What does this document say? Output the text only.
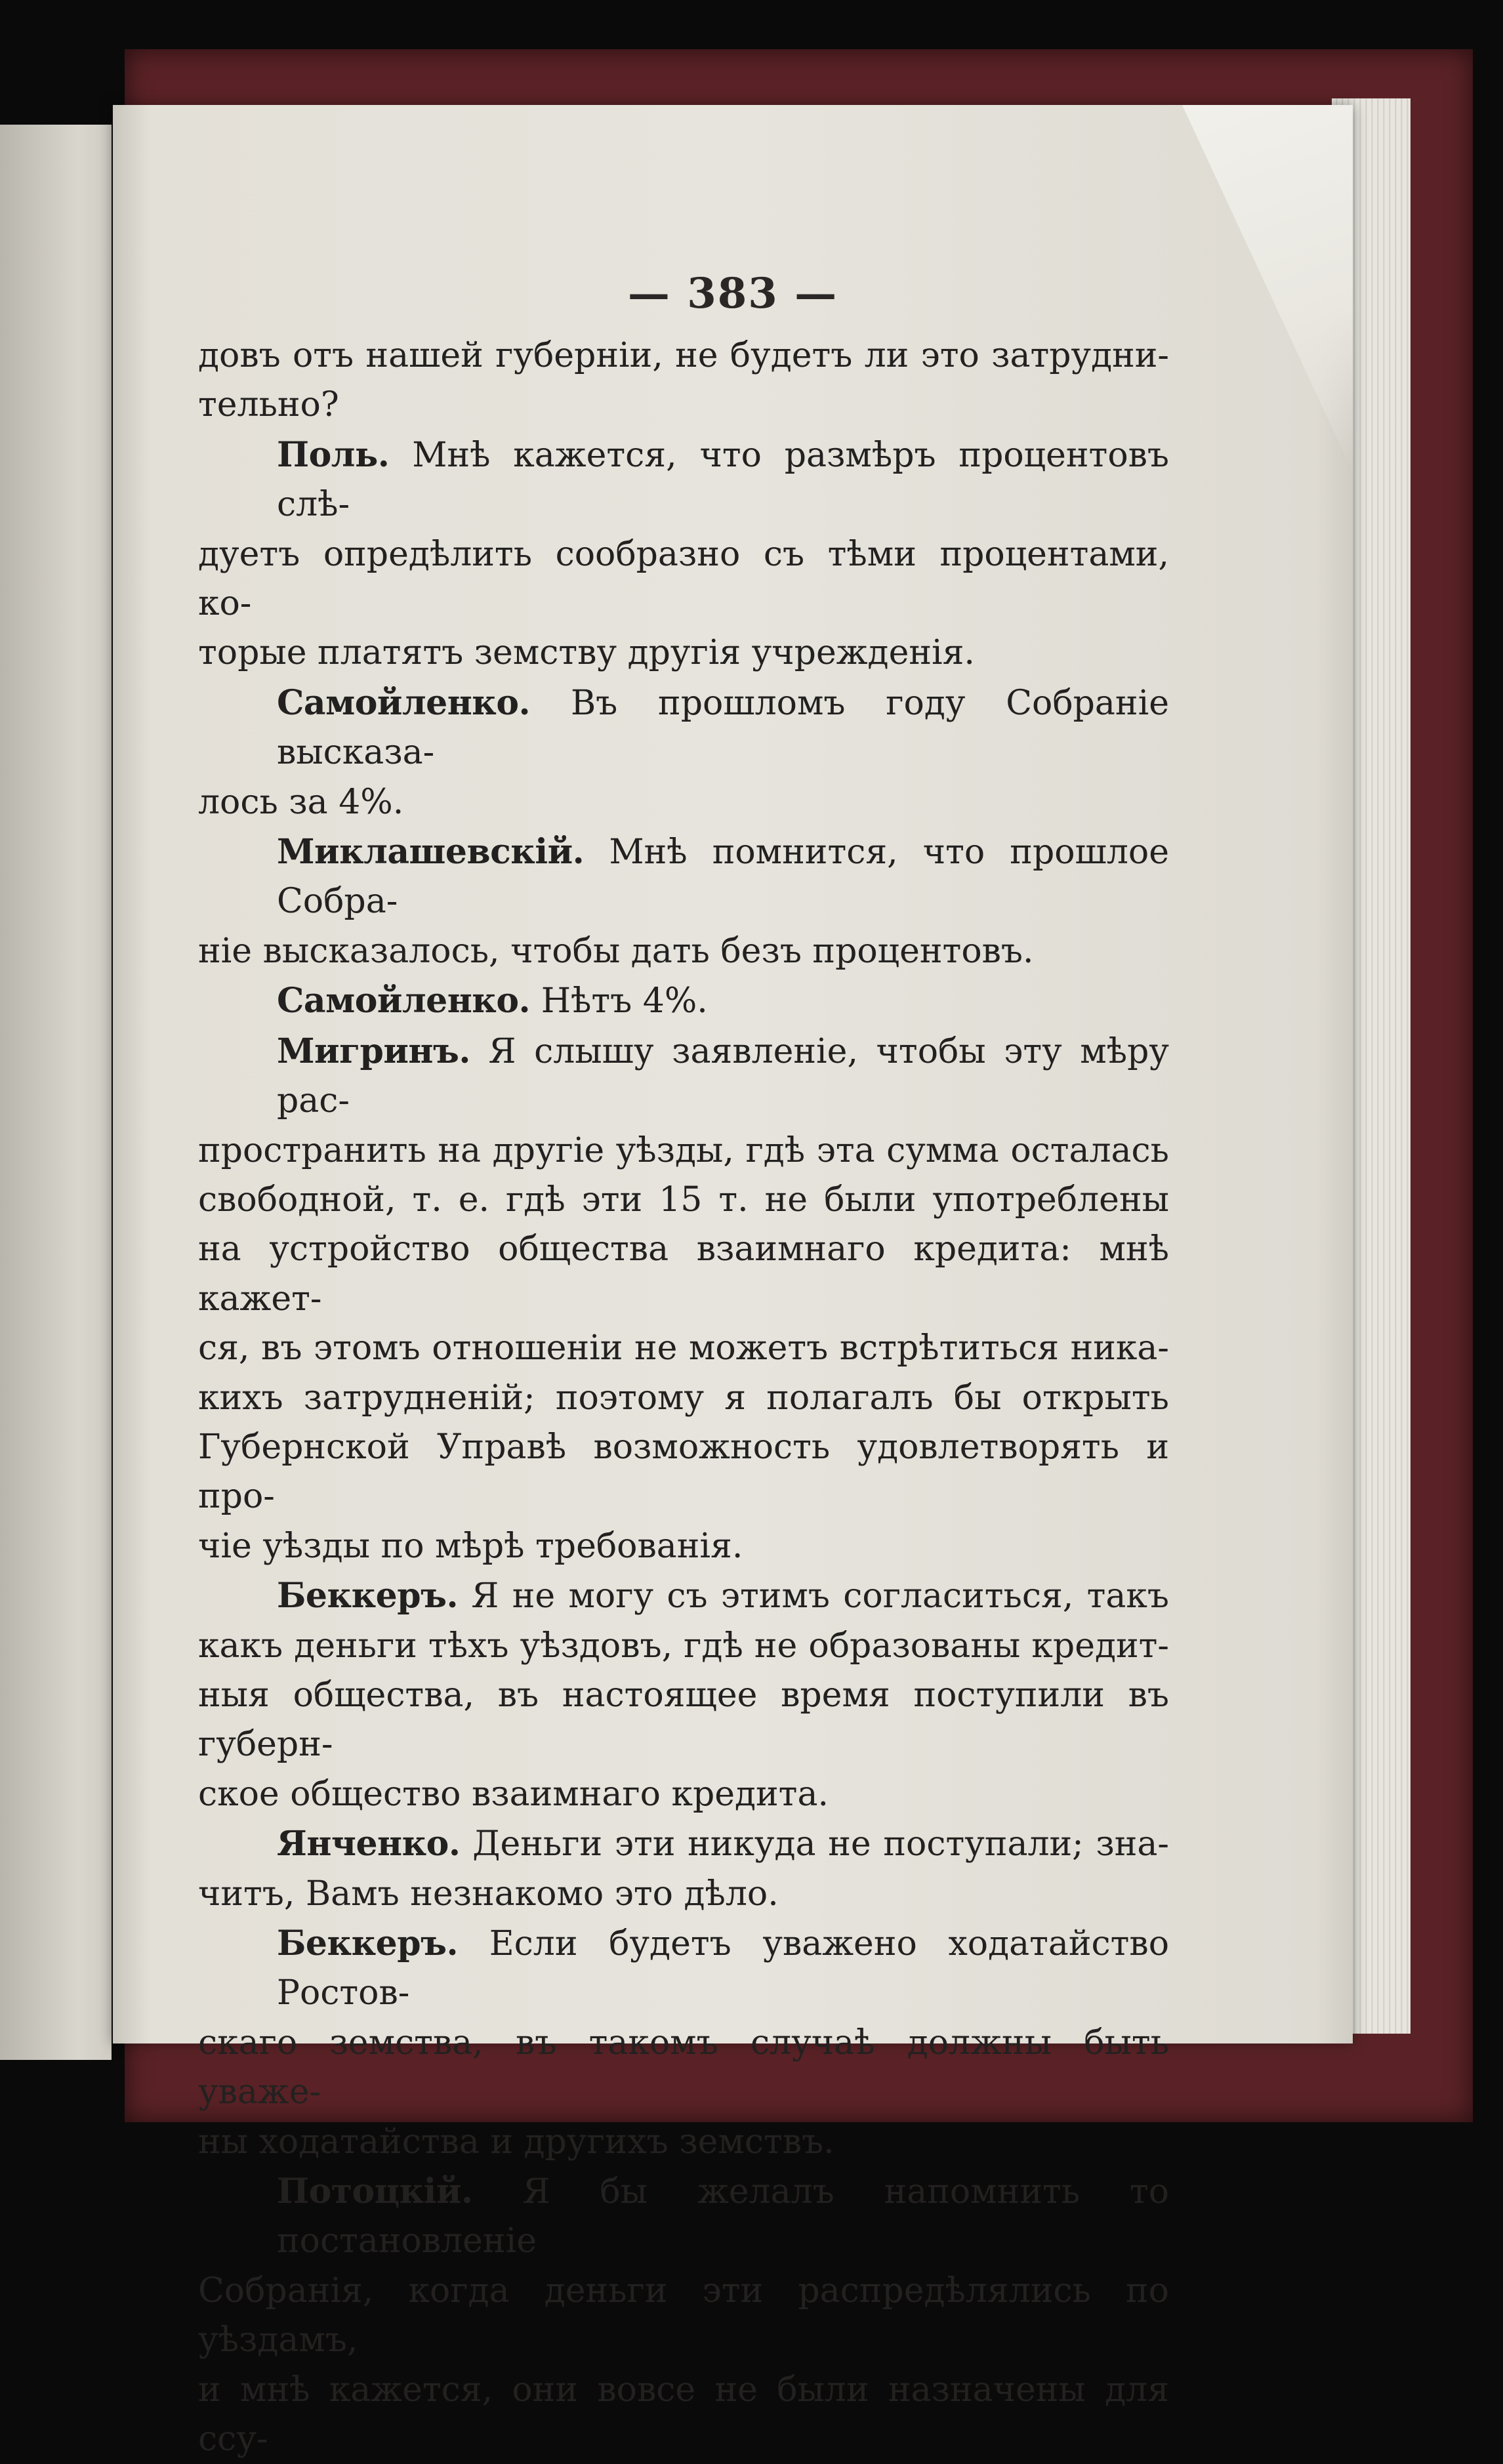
— 383 —
довъ отъ нашей губерніи, не будетъ ли это затрудни-
тельно?
Поль. Мнѣ кажется, что размѣръ процентовъ слѣ-
дуетъ опредѣлить сообразно съ тѣми процентами, ко-
торые платятъ земству другія учрежденія.
Самойленко. Въ прошломъ году Собраніе высказа-
лось за 4%.
Миклашевскій. Мнѣ помнится, что прошлое Собра-
ніе высказалось, чтобы дать безъ процентовъ.
Самойленко. Нѣтъ 4%.
Мигринъ. Я слышу заявленіе, чтобы эту мѣру рас-
пространить на другіе уѣзды, гдѣ эта сумма осталась
свободной, т. е. гдѣ эти 15 т. не были употреблены
на устройство общества взаимнаго кредита: мнѣ кажет-
ся, въ этомъ отношеніи не можетъ встрѣтиться ника-
кихъ затрудненій; поэтому я полагалъ бы открыть
Губернской Управѣ возможность удовлетворять и про-
чіе уѣзды по мѣрѣ требованія.
Беккеръ. Я не могу съ этимъ согласиться, такъ
какъ деньги тѣхъ уѣздовъ, гдѣ не образованы кредит-
ныя общества, въ настоящее время поступили въ губерн-
ское общество взаимнаго кредита.
Янченко. Деньги эти никуда не поступали; зна-
читъ, Вамъ незнакомо это дѣло.
Беккеръ. Если будетъ уважено ходатайство Ростов-
скаго земства, въ такомъ случаѣ должны быть уваже-
ны ходатайства и другихъ земствъ.
Потоцкій. Я бы желалъ напомнить то постановленіе
Собранія, когда деньги эти распредѣлялись по уѣздамъ,
и мнѣ кажется, они вовсе не были назначены для ссу-
